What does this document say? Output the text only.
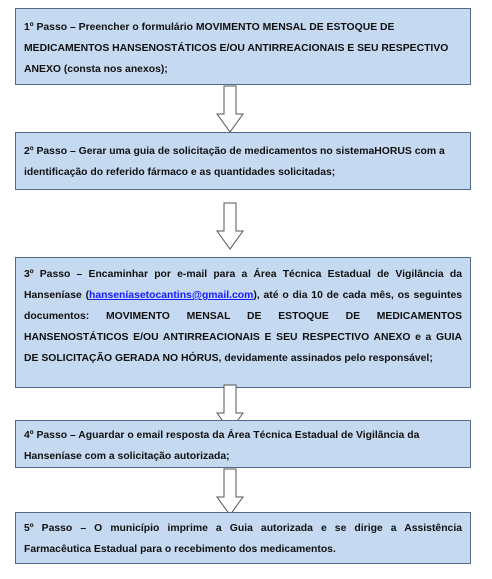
1º Passo – Preencher o formulário MOVIMENTO MENSAL DE ESTOQUE DE MEDICAMENTOS HANSENOSTÁTICOS E/OU ANTIRREACIONAIS E SEU RESPECTIVO ANEXO (consta nos anexos);

2º Passo – Gerar uma guia de solicitação de medicamentos no sistemaHORUS com a identificação do referido fármaco e as quantidades solicitadas;

3º Passo – Encaminhar por e-mail para a Área Técnica Estadual de Vigilância da Hanseníase (hanseníasetocantins@gmail.com), até o dia 10 de cada mês, os seguintes documentos: MOVIMENTO MENSAL DE ESTOQUE DE MEDICAMENTOS HANSENOSTÁTICOS E/OU ANTIRREACIONAIS E SEU RESPECTIVO ANEXO e a GUIA DE SOLICITAÇÃO GERADA NO HÓRUS, devidamente assinados pelo responsável;

4º Passo – Aguardar o email resposta da Área Técnica Estadual de Vigilância da Hanseníase com a solicitação autorizada;

5º Passo – O município imprime a Guia autorizada e se dirige a Assistência Farmacêutica Estadual para o recebimento dos medicamentos.
